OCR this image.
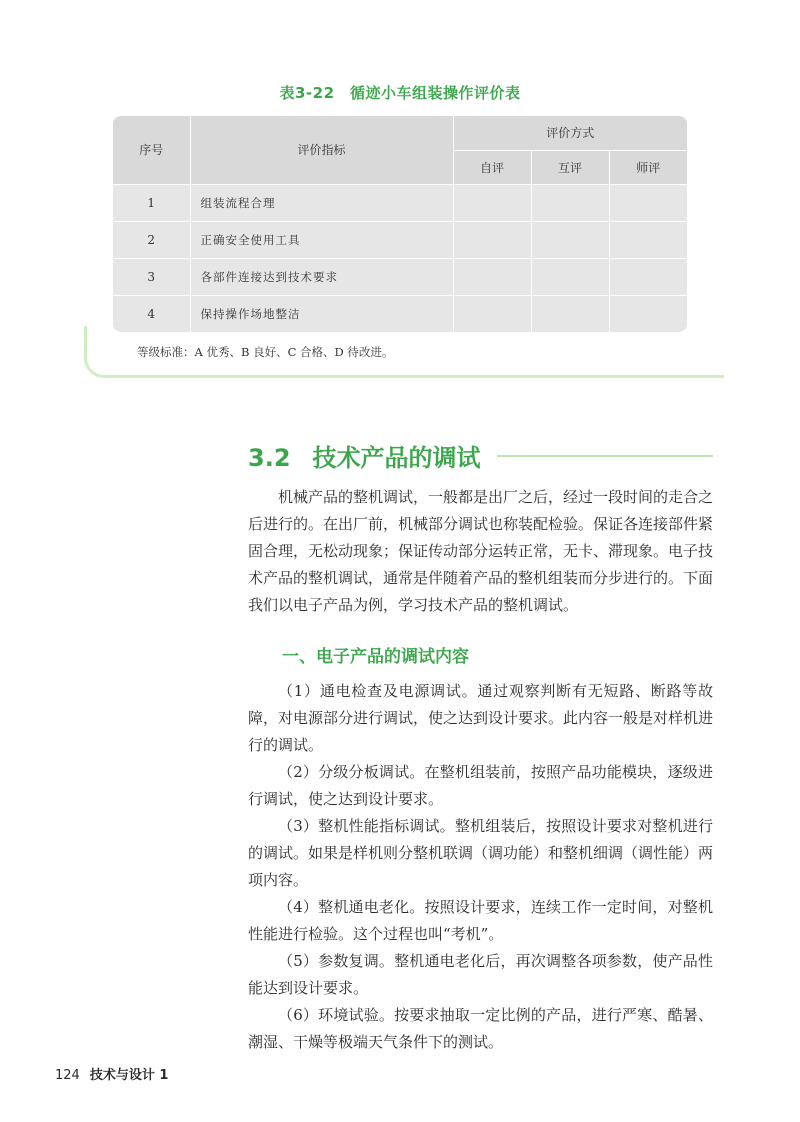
表3-22　循迹小车组装操作评价表
序号	评价指标	评价方式		
		自评	互评	师评
1	组装流程合理			
2	正确安全使用工具			
3	各部件连接达到技术要求			
4	保持操作场地整洁			
等级标准：A 优秀、B 良好、C 合格、D 待改进。
3.2 技术产品的调试

机械产品的整机调试，一般都是出厂之后，经过一段时间的走合之后进行的。在出厂前，机械部分调试也称装配检验。保证各连接部件紧固合理，无松动现象；保证传动部分运转正常，无卡、滞现象。电子技术产品的整机调试，通常是伴随着产品的整机组装而分步进行的。下面我们以电子产品为例，学习技术产品的整机调试。

一、电子产品的调试内容

（1）通电检查及电源调试。通过观察判断有无短路、断路等故障，对电源部分进行调试，使之达到设计要求。此内容一般是对样机进行的调试。

（2）分级分板调试。在整机组装前，按照产品功能模块，逐级进行调试，使之达到设计要求。

（3）整机性能指标调试。整机组装后，按照设计要求对整机进行的调试。如果是样机则分整机联调（调功能）和整机细调（调性能）两项内容。

（4）整机通电老化。按照设计要求，连续工作一定时间，对整机性能进行检验。这个过程也叫“考机”。

（5）参数复调。整机通电老化后，再次调整各项参数，使产品性能达到设计要求。

（6）环境试验。按要求抽取一定比例的产品，进行严寒、酷暑、潮湿、干燥等极端天气条件下的测试。

124 技术与设计 1
